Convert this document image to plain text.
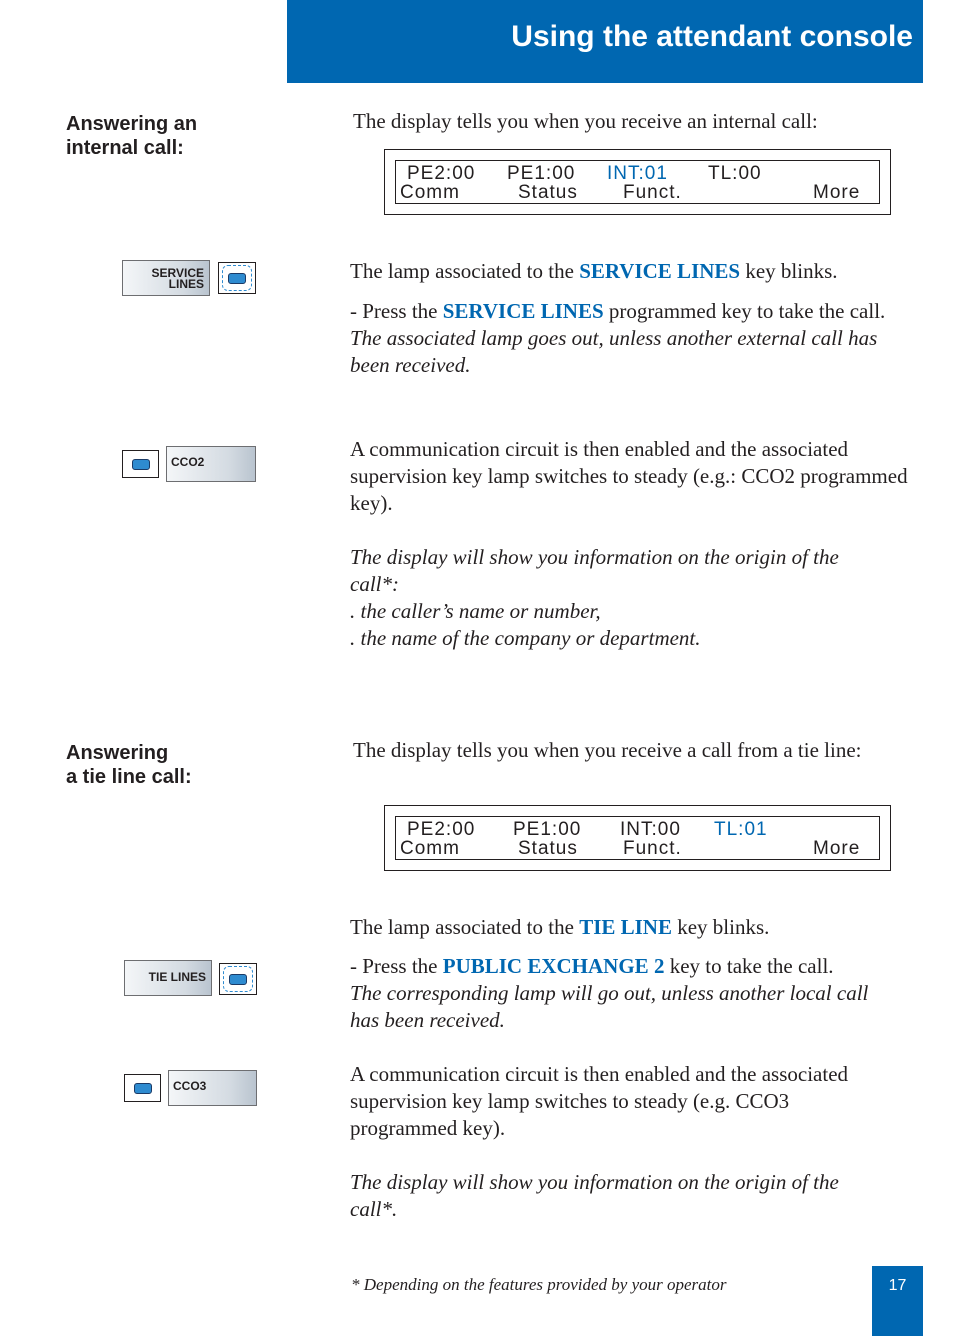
Using the attendant console
Answering an
internal call:
The display tells you when you receive an internal call:
PE2:00 PE1:00 INT:01 TL:00
Comm	Status Funct.	More
SERVICE
LINES
The lamp associated to the SERVICE LINES key blinks.

- Press the SERVICE LINES programmed key to take the call.

The associated lamp goes out, unless another external call has been received.

CCO2

A communication circuit is then enabled and the associated

supervision key lamp switches to steady (e.g.: CCO2 programmed

key).

The display will show you information on the origin of the

call*:

. the caller’s name or number,

. the name of the company or department.

Answering
a tie line call:
The display tells you when you receive a call from a tie line:
PE2:00 PE1:00 INT:00 TL:01
Comm	Status Funct.	More
The lamp associated to the TIE LINE key blinks.
TIE LINES	- Press the PUBLIC EXCHANGE 2 key to take the call.

The corresponding lamp will go out, unless another local call

has been received.

CCO3	A communication circuit is then enabled and the associated

supervision key lamp switches to steady (e.g. CCO3

programmed key).

The display will show you information on the origin of the

call*.

* Depending on the features provided by your operator	17
